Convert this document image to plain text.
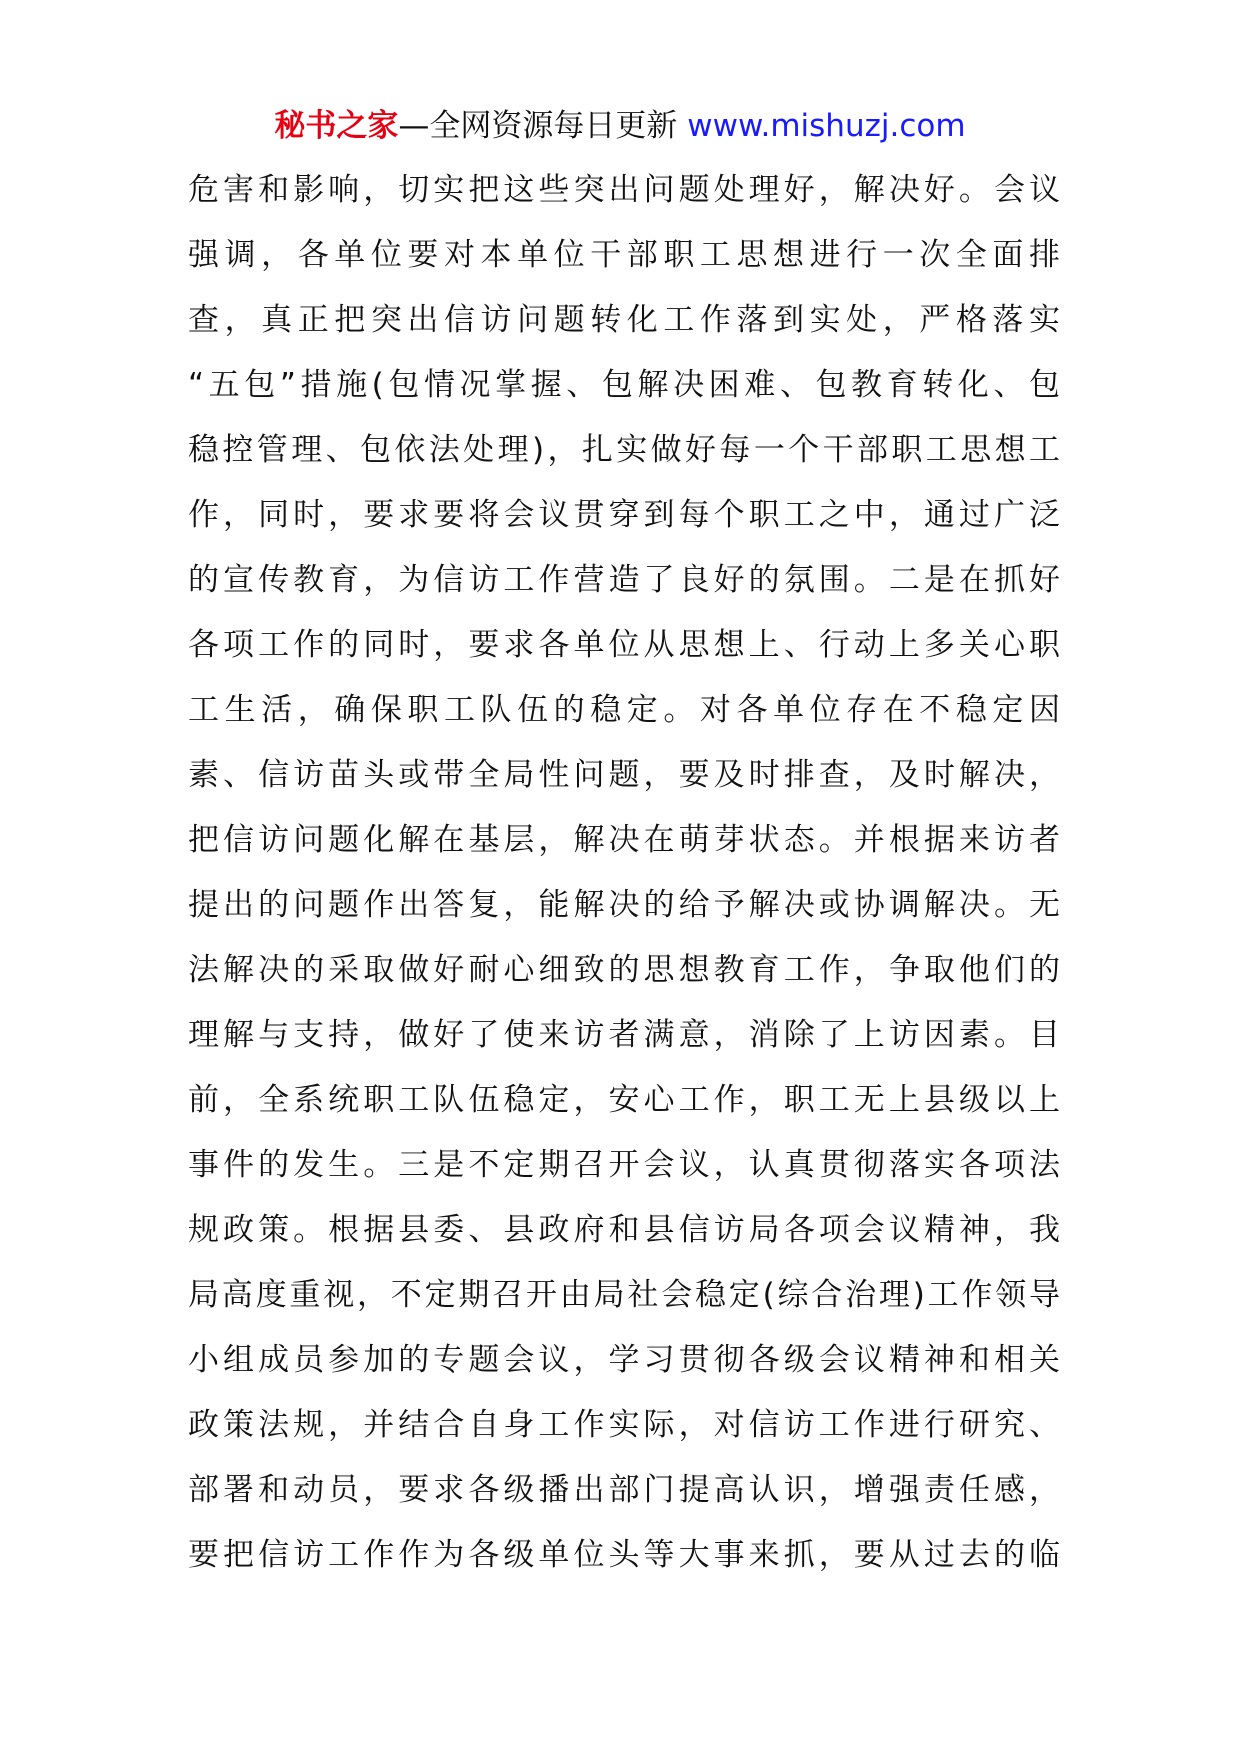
秘书之家—全网资源每日更新 www.mishuzj.com
危害和影响，切实把这些突出问题处理好，解决好。会议
强调，各单位要对本单位干部职工思想进行一次全面排
查，真正把突出信访问题转化工作落到实处，严格落实
“五包”措施(包情况掌握、包解决困难、包教育转化、包
稳控管理、包依法处理)，扎实做好每一个干部职工思想工
作，同时，要求要将会议贯穿到每个职工之中，通过广泛
的宣传教育，为信访工作营造了良好的氛围。二是在抓好
各项工作的同时，要求各单位从思想上、行动上多关心职
工生活，确保职工队伍的稳定。对各单位存在不稳定因
素、信访苗头或带全局性问题，要及时排查，及时解决，
把信访问题化解在基层，解决在萌芽状态。并根据来访者
提出的问题作出答复，能解决的给予解决或协调解决。无
法解决的采取做好耐心细致的思想教育工作，争取他们的
理解与支持，做好了使来访者满意，消除了上访因素。目
前，全系统职工队伍稳定，安心工作，职工无上县级以上
事件的发生。三是不定期召开会议，认真贯彻落实各项法
规政策。根据县委、县政府和县信访局各项会议精神，我
局高度重视，不定期召开由局社会稳定(综合治理)工作领导
小组成员参加的专题会议，学习贯彻各级会议精神和相关
政策法规，并结合自身工作实际，对信访工作进行研究、
部署和动员，要求各级播出部门提高认识，增强责任感，
要把信访工作作为各级单位头等大事来抓，要从过去的临
